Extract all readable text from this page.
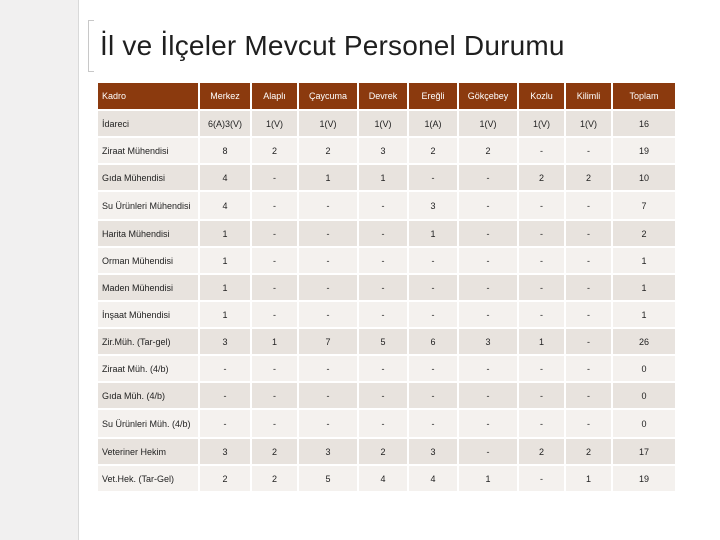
İl ve İlçeler Mevcut Personel Durumu
Kadro	Merkez	Alaplı	Çaycuma	Devrek	Ereğli	Gökçebey	Kozlu	Kilimli	Toplam
İdareci	6(A)3(V)	1(V)	1(V)	1(V)	1(A)	1(V)	1(V)	1(V)	16
Ziraat Mühendisi	8	2	2	3	2	2	-	-	19
Gıda Mühendisi	4	-	1	1	-	-	2	2	10
Su Ürünleri Mühendisi	4	-	-	-	3	-	-	-	7
Harita Mühendisi	1	-	-	-	1	-	-	-	2
Orman Mühendisi	1	-	-	-	-	-	-	-	1
Maden Mühendisi	1	-	-	-	-	-	-	-	1
İnşaat Mühendisi	1	-	-	-	-	-	-	-	1
Zir.Müh. (Tar-gel)	3	1	7	5	6	3	1	-	26
Ziraat Müh. (4/b)	-	-	-	-	-	-	-	-	0
Gıda Müh. (4/b)	-	-	-	-	-	-	-	-	0
Su Ürünleri Müh. (4/b)	-	-	-	-	-	-	-	-	0
Veteriner Hekim	3	2	3	2	3	-	2	2	17
Vet.Hek. (Tar-Gel)	2	2	5	4	4	1	-	1	19
